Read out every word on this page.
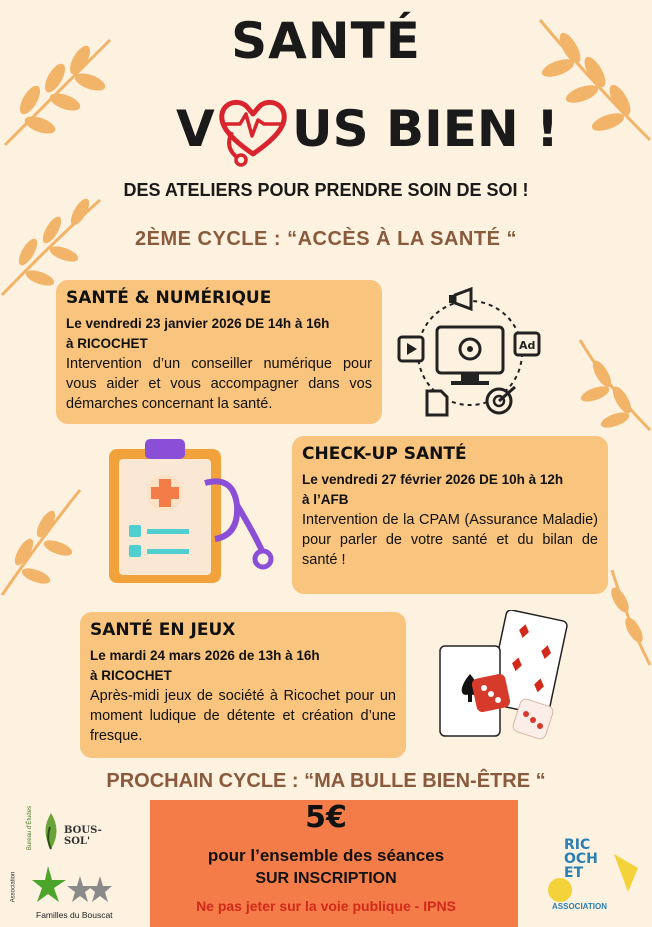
SANTÉ
V US BIEN !
DES ATELIERS POUR PRENDRE SOIN DE SOI !
2ÈME CYCLE : “ACCÈS À LA SANTÉ “
SANTÉ & NUMÉRIQUE
Le vendredi 23 janvier 2026 DE 14h à 16h
à RICOCHET
Intervention d’un conseiller numérique pour vous aider et vous accompagner dans vos démarches concernant la santé.
Ad
CHECK-UP SANTÉ
Le vendredi 27 février 2026 DE 10h à 12h
à l’AFB
Intervention de la CPAM (Assurance Maladie) pour parler de votre santé et du bilan de santé !
SANTÉ EN JEUX
Le mardi 24 mars 2026 de 13h à 16h
à RICOCHET
Après-midi jeux de société à Ricochet pour un moment ludique de détente et création d’une fresque.
PROCHAIN CYCLE : “MA BULLE BIEN-ÊTRE “
5€
pour l’ensemble des séances
SUR INSCRIPTION
Ne pas jeter sur la voie publique - IPNS
Bureau d'Études	BOUS-SOL'
Association
Familles du Bouscat
RIC
OCH
ET
ASSOCIATION
